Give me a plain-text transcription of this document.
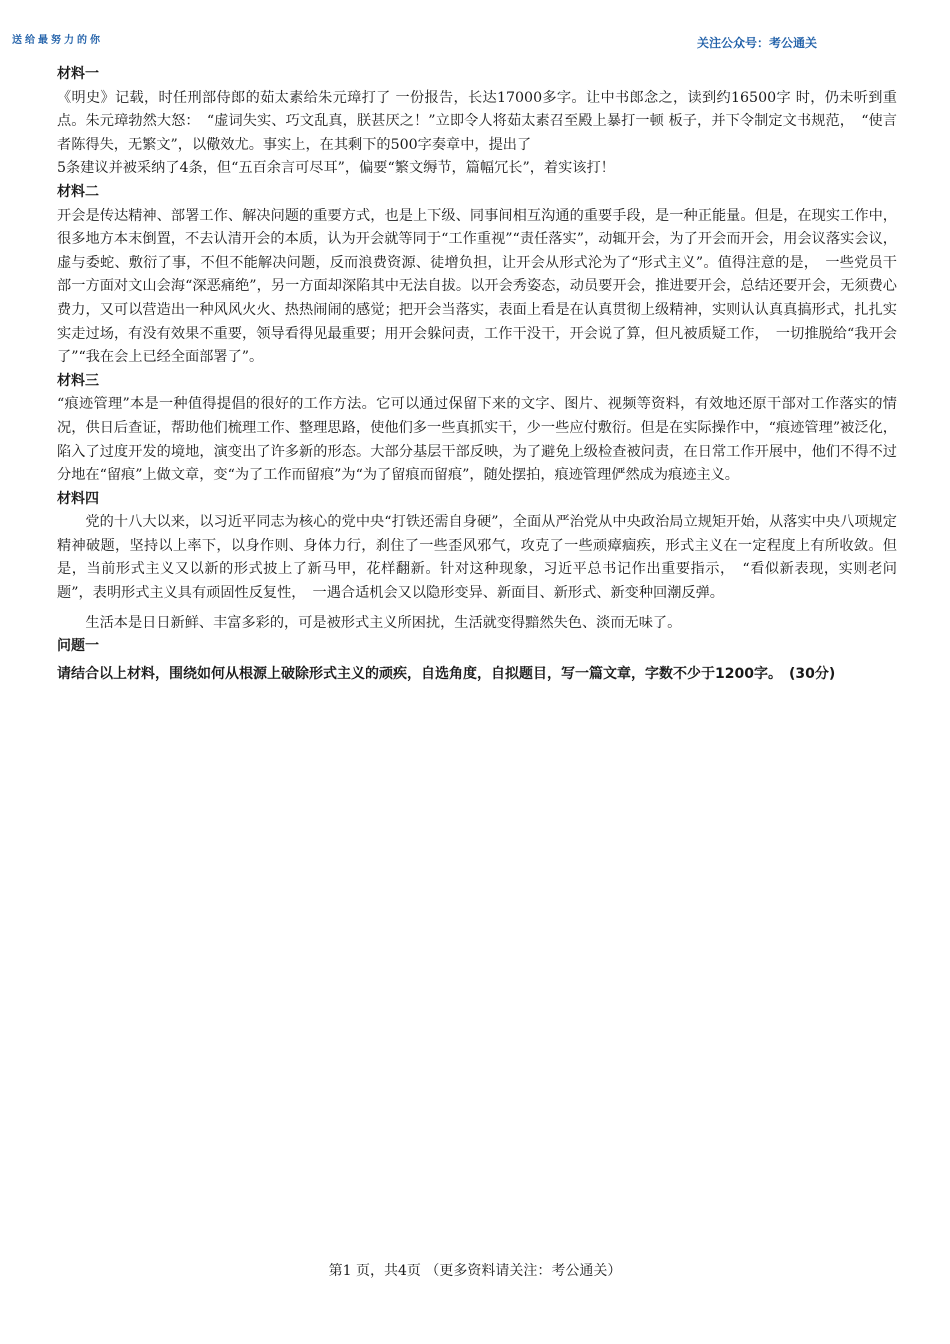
送给最努力的你	关注公众号：考公通关
材料一

《明史》记载，时任刑部侍郎的茹太素给朱元璋打了 一份报告，长达17000多字。让中书郎念之，读到约16500字 时，仍未听到重点。朱元璋勃然大怒：　“虚词失实、巧文乱真，朕甚厌之！”立即令人将茹太素召至殿上暴打一顿 板子，并下令制定文书规范，　“使言者陈得失，无繁文”，以儆效尤。事实上，在其剩下的500字奏章中，提出了

5条建议并被采纳了4条，但“五百余言可尽耳”，偏要“繁文缛节，篇幅冗长”，着实该打！

材料二

开会是传达精神、部署工作、解决问题的重要方式，也是上下级、同事间相互沟通的重要手段，是一种正能量。但是，在现实工作中，很多地方本末倒置，不去认清开会的本质，认为开会就等同于“工作重视”“责任落实”，动辄开会，为了开会而开会，用会议落实会议，虚与委蛇、敷衍了事，不但不能解决问题，反而浪费资源、徒增负担，让开会从形式沦为了“形式主义”。值得注意的是，　一些党员干部一方面对文山会海“深恶痛绝”，另一方面却深陷其中无法自拔。以开会秀姿态，动员要开会，推进要开会，总结还要开会，无须费心费力，又可以营造出一种风风火火、热热闹闹的感觉；把开会当落实，表面上看是在认真贯彻上级精神，实则认认真真搞形式，扎扎实实走过场，有没有效果不重要，领导看得见最重要；用开会躲问责，工作干没干，开会说了算，但凡被质疑工作，　一切推脱给“我开会了”“我在会上已经全面部署了”。

材料三

“痕迹管理”本是一种值得提倡的很好的工作方法。它可以通过保留下来的文字、图片、视频等资料，有效地还原干部对工作落实的情况，供日后查证，帮助他们梳理工作、整理思路，使他们多一些真抓实干，少一些应付敷衍。但是在实际操作中，“痕迹管理”被泛化，陷入了过度开发的境地，演变出了许多新的形态。大部分基层干部反映，为了避免上级检查被问责，在日常工作开展中，他们不得不过分地在“留痕”上做文章，变“为了工作而留痕”为“为了留痕而留痕”，随处摆拍，痕迹管理俨然成为痕迹主义。

材料四

党的十八大以来，以习近平同志为核心的党中央“打铁还需自身硬”，全面从严治党从中央政治局立规矩开始，从落实中央八项规定精神破题，坚持以上率下，以身作则、身体力行，刹住了一些歪风邪气，攻克了一些顽瘴痼疾，形式主义在一定程度上有所收敛。但是，当前形式主义又以新的形式披上了新马甲，花样翻新。针对这种现象，习近平总书记作出重要指示，　“看似新表现，实则老问题”，表明形式主义具有顽固性反复性，　一遇合适机会又以隐形变异、新面目、新形式、新变种回潮反弹。

生活本是日日新鲜、丰富多彩的，可是被形式主义所困扰，生活就变得黯然失色、淡而无味了。

问题一

请结合以上材料，围绕如何从根源上破除形式主义的顽疾，自选角度，自拟题目，写一篇文章，字数不少于1200字。　(30分)

第1 页，共4页 （更多资料请关注：考公通关）
